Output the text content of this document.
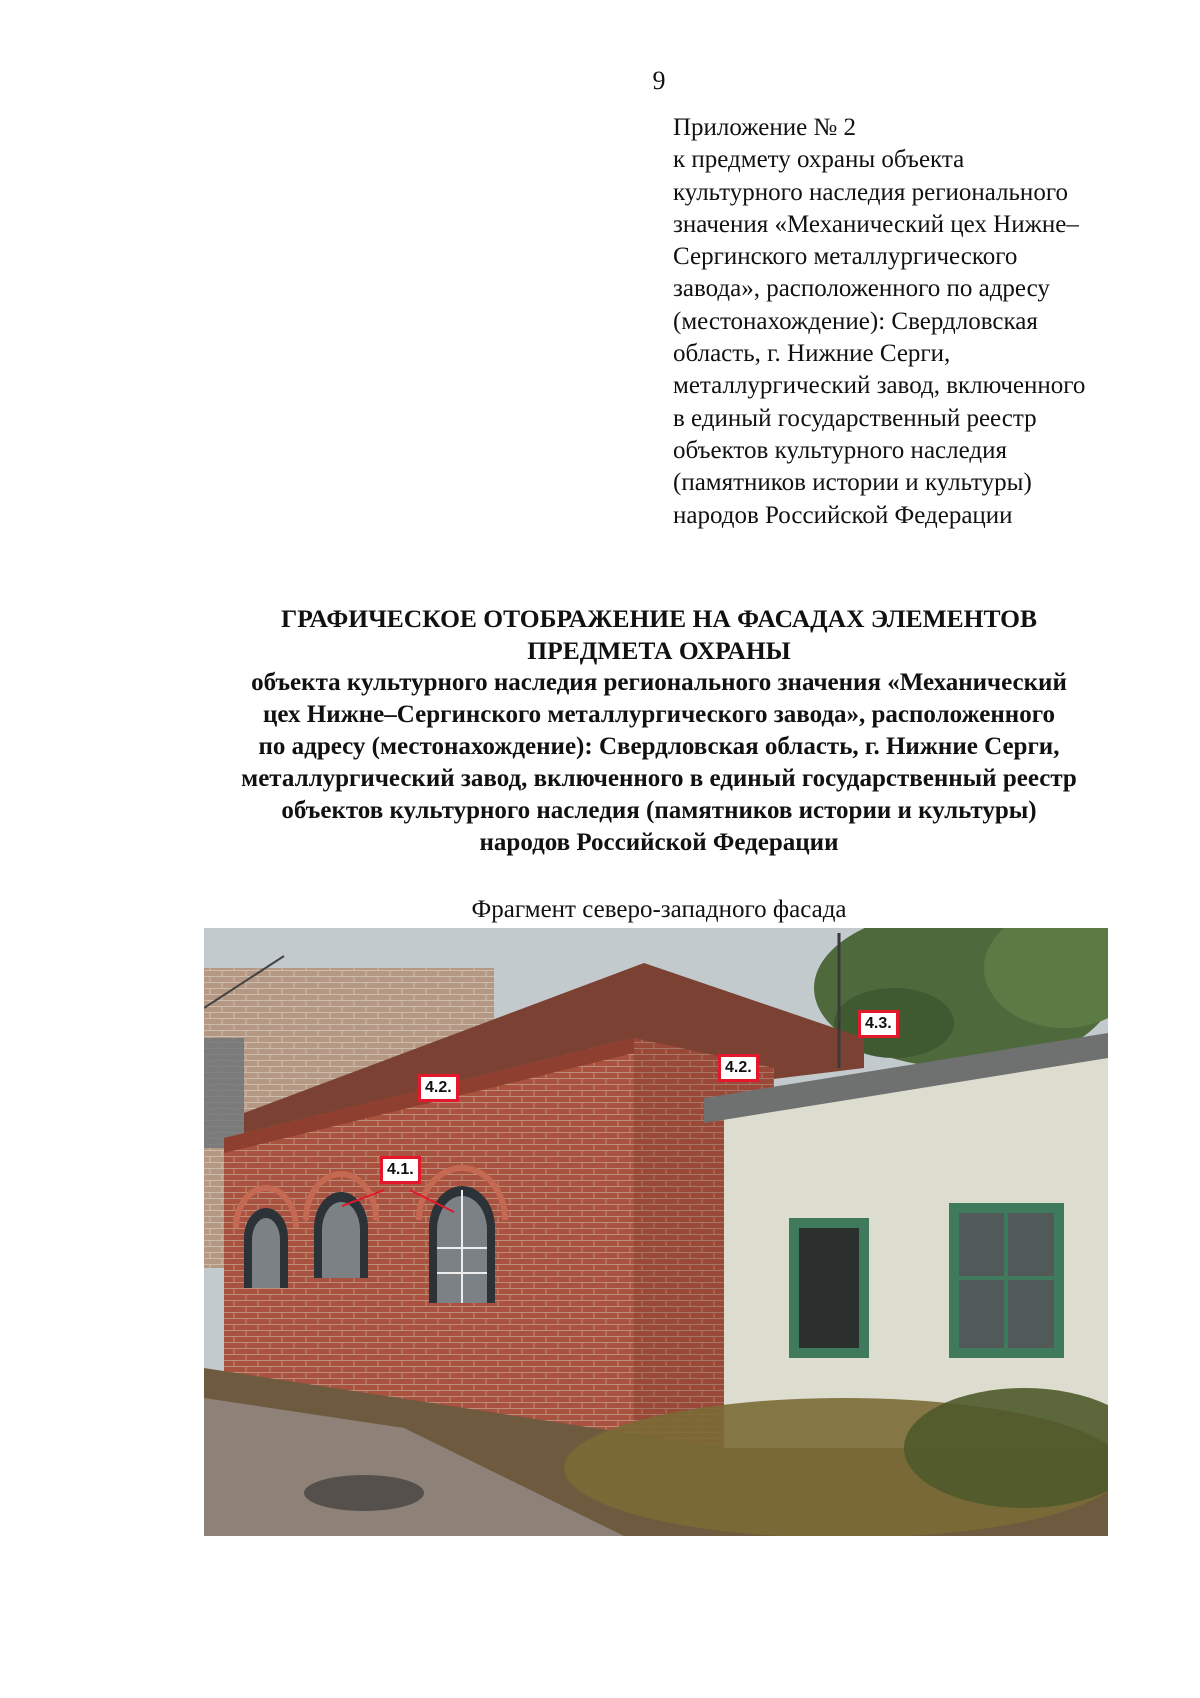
9
Приложение № 2
к предмету охраны объекта
культурного наследия регионального
значения «Механический цех Нижне–
Сергинского металлургического
завода», расположенного по адресу
(местонахождение): Свердловская
область, г. Нижние Серги,
металлургический завод, включенного
в единый государственный реестр
объектов культурного наследия
(памятников истории и культуры)
народов Российской Федерации
ГРАФИЧЕСКОЕ ОТОБРАЖЕНИЕ НА ФАСАДАХ ЭЛЕМЕНТОВ
ПРЕДМЕТА ОХРАНЫ
объекта культурного наследия регионального значения «Механический
цех Нижне–Сергинского металлургического завода», расположенного
по адресу (местонахождение): Свердловская область, г. Нижние Серги,
металлургический завод, включенного в единый государственный реестр
объектов культурного наследия (памятников истории и культуры)
народов Российской Федерации
Фрагмент северо-западного фасада
4.1.
4.2.
4.2.
4.3.
